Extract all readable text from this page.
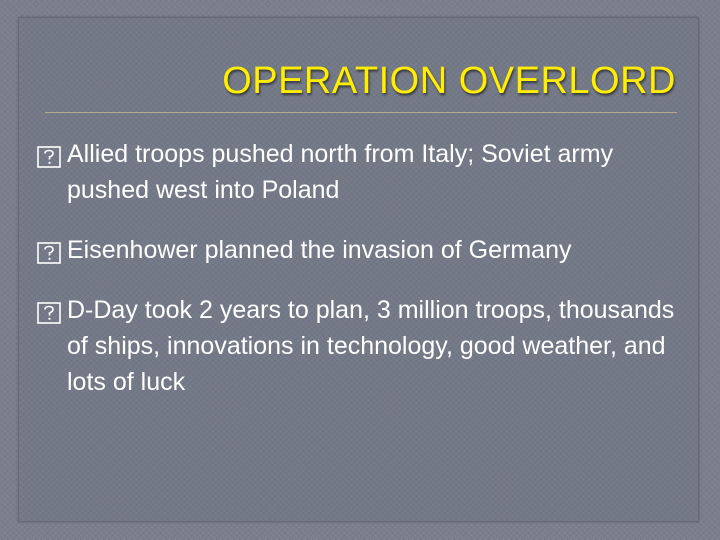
OPERATION OVERLORD
Allied troops pushed north from Italy; Soviet army pushed west into Poland
Eisenhower planned the invasion of Germany
D-Day took 2 years to plan, 3 million troops, thousands of ships, innovations in technology, good weather, and lots of luck
